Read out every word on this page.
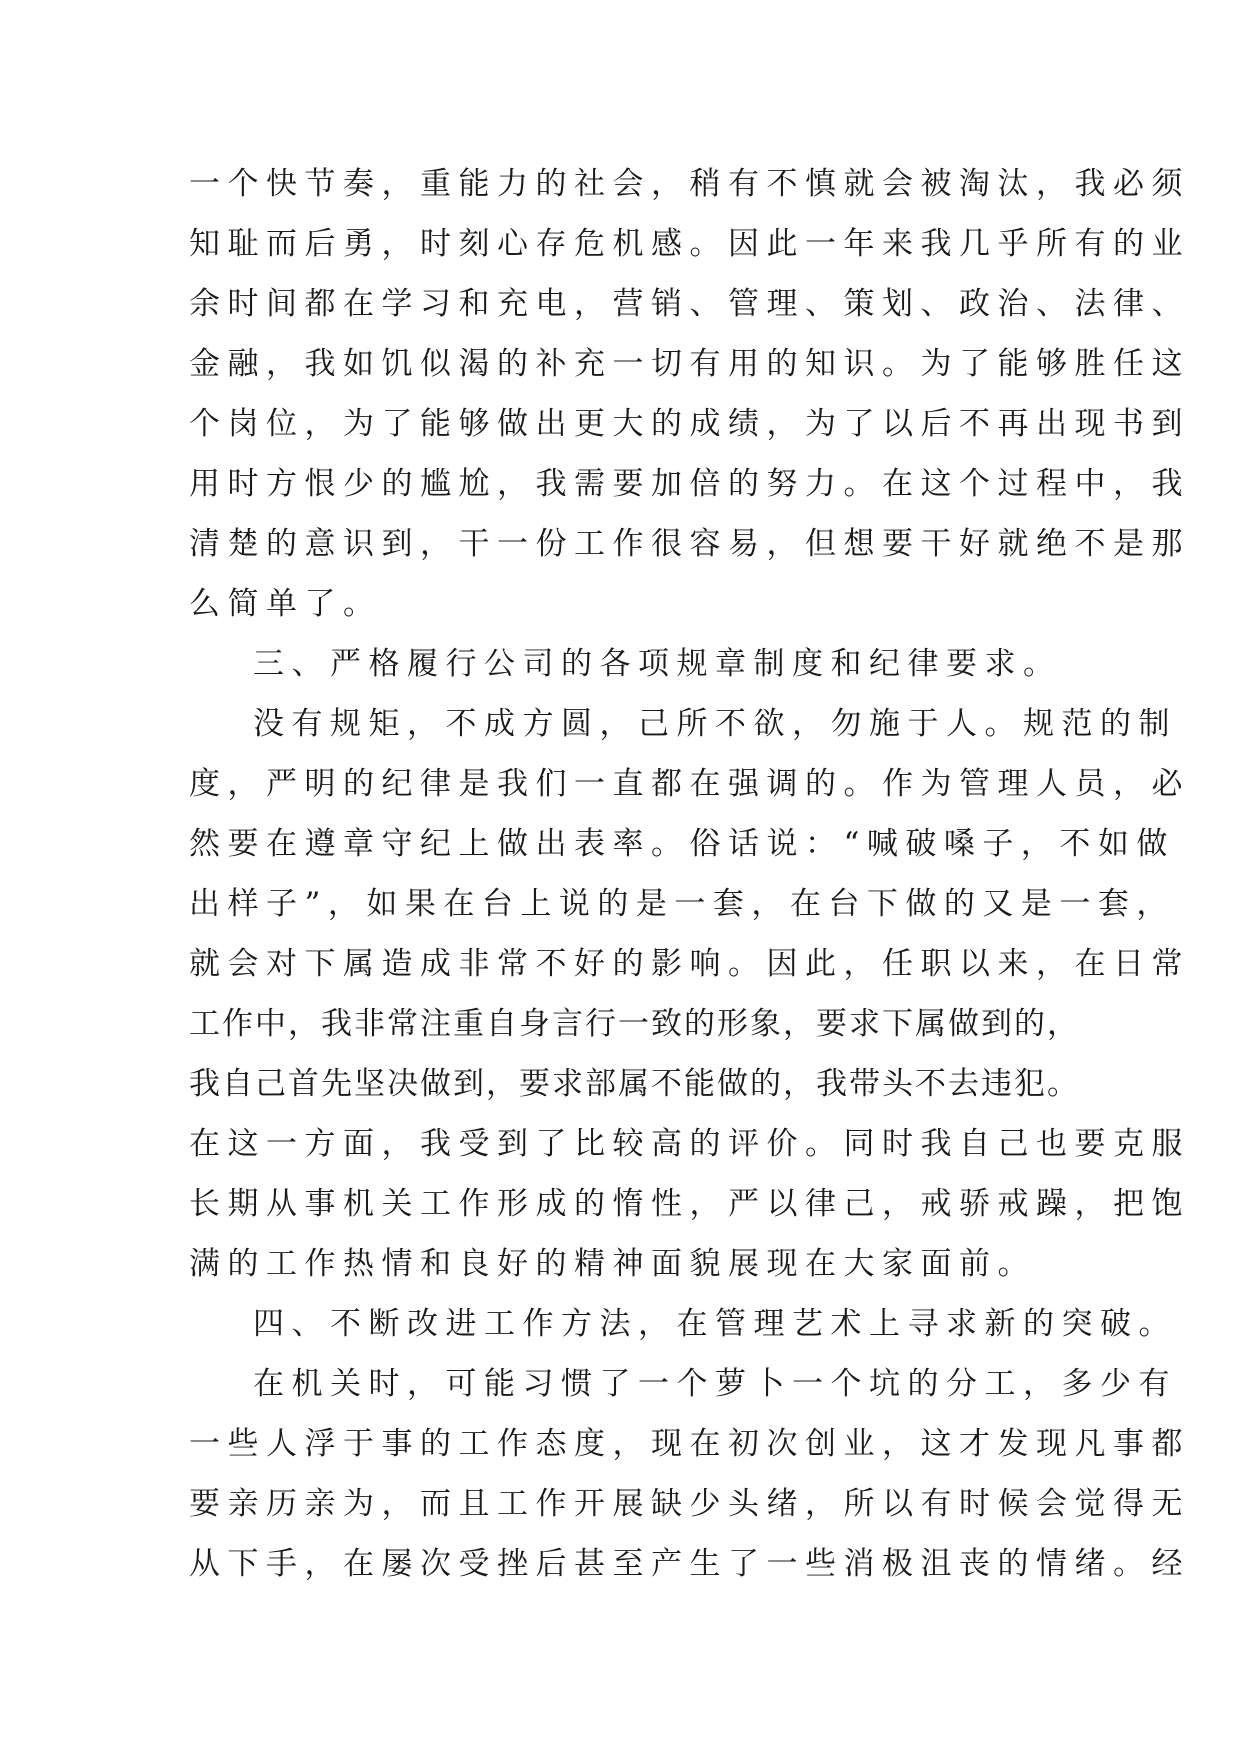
一个快节奏，重能力的社会，稍有不慎就会被淘汰，我必须
知耻而后勇，时刻心存危机感。因此一年来我几乎所有的业
余时间都在学习和充电，营销、管理、策划、政治、法律、
金融，我如饥似渴的补充一切有用的知识。为了能够胜任这
个岗位，为了能够做出更大的成绩，为了以后不再出现书到
用时方恨少的尴尬，我需要加倍的努力。在这个过程中，我
清楚的意识到，干一份工作很容易，但想要干好就绝不是那
么简单了。
三、严格履行公司的各项规章制度和纪律要求。
没有规矩，不成方圆，己所不欲，勿施于人。规范的制
度，严明的纪律是我们一直都在强调的。作为管理人员，必
然要在遵章守纪上做出表率。俗话说：“喊破嗓子，不如做
出样子”，如果在台上说的是一套，在台下做的又是一套，
就会对下属造成非常不好的影响。因此，任职以来，在日常
工作中，我非常注重自身言行一致的形象，要求下属做到的，
我自己首先坚决做到，要求部属不能做的，我带头不去违犯。
在这一方面，我受到了比较高的评价。同时我自己也要克服
长期从事机关工作形成的惰性，严以律己，戒骄戒躁，把饱
满的工作热情和良好的精神面貌展现在大家面前。
四、不断改进工作方法，在管理艺术上寻求新的突破。
在机关时，可能习惯了一个萝卜一个坑的分工，多少有
一些人浮于事的工作态度，现在初次创业，这才发现凡事都
要亲历亲为，而且工作开展缺少头绪，所以有时候会觉得无
从下手，在屡次受挫后甚至产生了一些消极沮丧的情绪。经
